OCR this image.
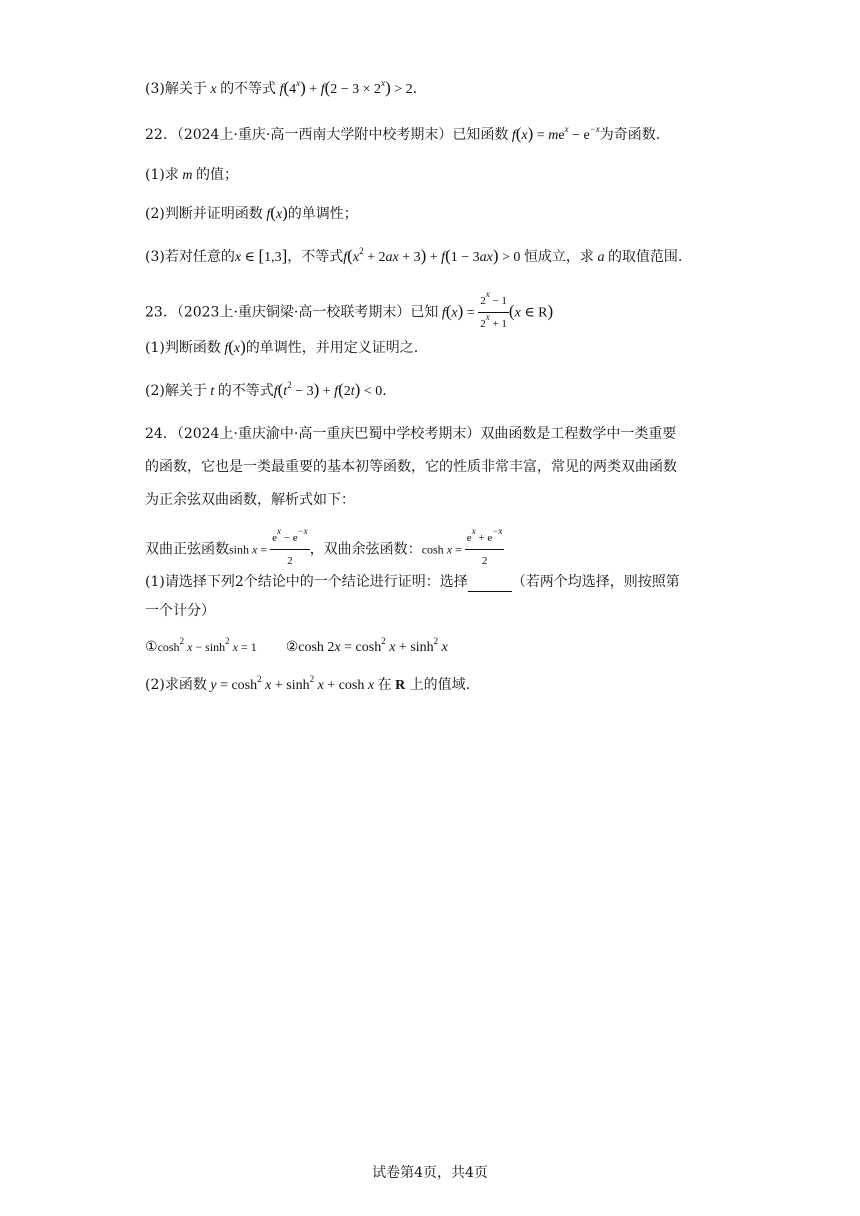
(3)解关于 x 的不等式 $f(4^x) + f(2 - 3 \times 2^x) > 2$.
22．（2024上·重庆·高一西南大学附中校考期末）已知函数 $f(x) = me^x - e^{-x}$为奇函数.
(1)求 m 的值；
(2)判断并证明函数 f(x)的单调性；
(3)若对任意的x ∈ [1,3]，不等式$f(x^2 + 2ax + 3) + f(1 - 3ax) > 0$ 恒成立，求 a 的取值范围.
23．（2023上·重庆铜梁·高一校联考期末）已知 $f(x) = \frac{2^x - 1}{2^x + 1} (x$ ∈ R)
(1)判断函数 f(x)的单调性，并用定义证明之.
(2)解关于 t 的不等式$f(t^2 - 3) + f(2t) < 0$.
24．（2024上·重庆渝中·高一重庆巴蜀中学校考期末）双曲函数是工程数学中一类重要
的函数，它也是一类最重要的基本初等函数，它的性质非常丰富，常见的两类双曲函数
为正余弦双曲函数，解析式如下：
双曲正弦函数$\sinh x = \frac{e^x - e^{-x}}{2}$ ，双曲余弦函数：$\cosh x = \frac{e^x + e^{-x}}{2}$
(1)请选择下列2个结论中的一个结论进行证明：选择	（若两个均选择，则按照第
一个计分）
$①\cosh^2$ $x - \sinh^2 x = 1$ ②cosh $2x = \cosh^2 x + \sinh^2 x$
(2)求函数 $y = \cosh^2 x + \sinh^2 x + \cosh x$ 在 R 上的值域.
试卷第4页，共4页
